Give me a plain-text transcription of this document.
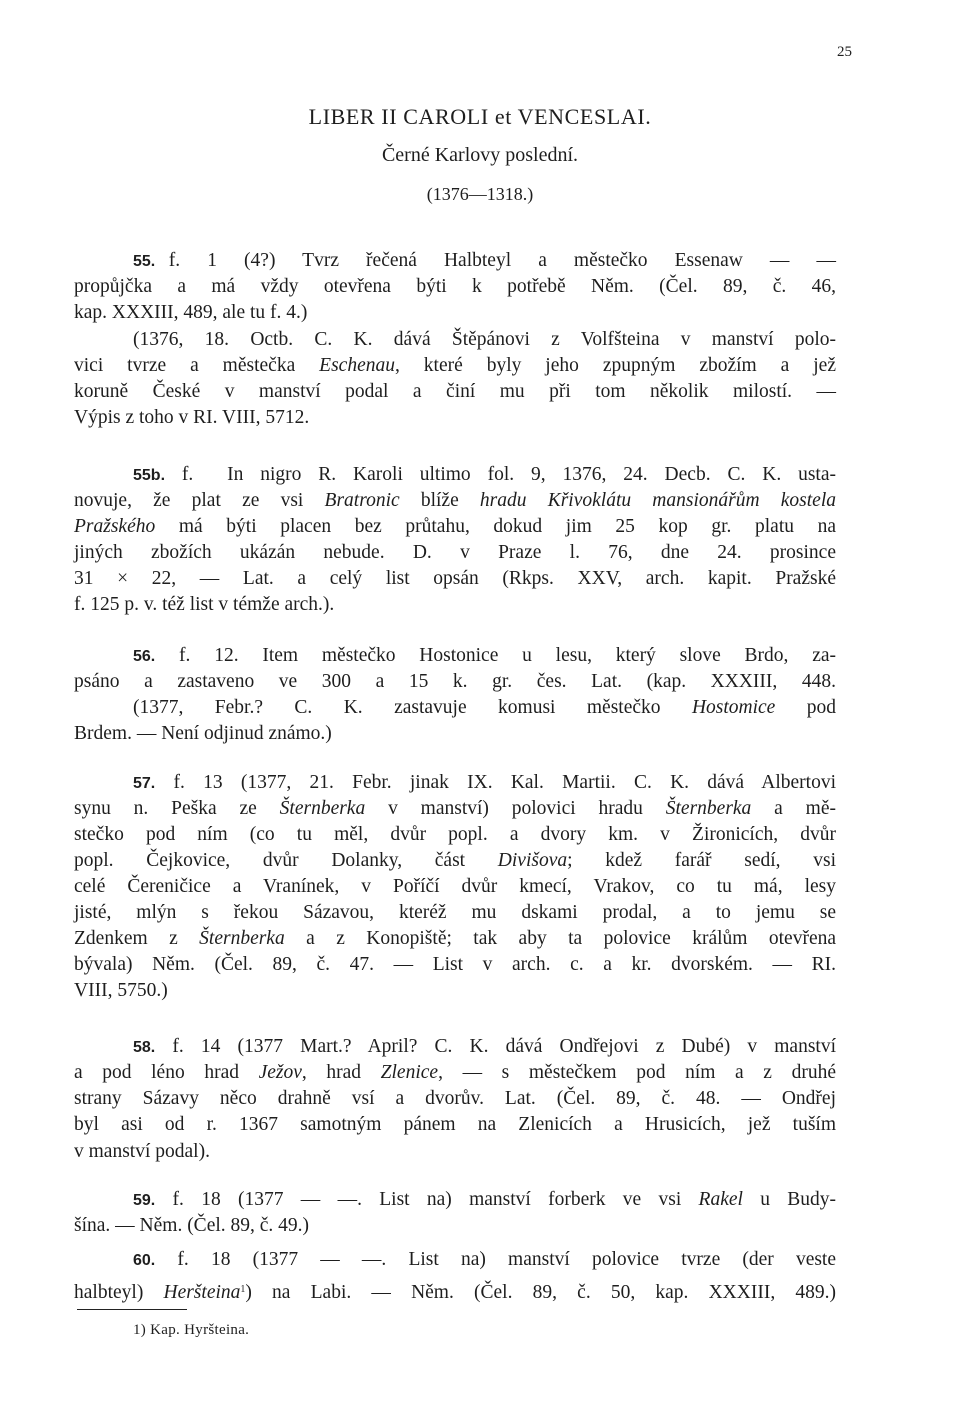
25
LIBER II CAROLI et VENCESLAI.
Černé Karlovy poslední.
(1376—1318.)
55. f.  1  (4?)  Tvrz  řečená  Halbteyl  a  městečko  Essenaw  —  —
propůjčka a má vždy otevřena býti k potřebě Něm. (Čel. 89, č. 46,
kap. XXXIII, 489, ale tu f. 4.)
(1376, 18. Octb. C. K. dává Štěpánovi z Volfšteina v manství polo-
vici tvrze a městečka Eschenau, které byly jeho zpupným zbožím a jež
koruně České v manství podal a činí mu při tom několik milostí. —
Výpis z toho v RI. VIII, 5712.
55b. f.  In nigro R. Karoli ultimo fol. 9, 1376, 24. Decb. C. K. usta-
novuje, že plat ze vsi Bratronic blíže hradu Křivoklátu mansionářům kostela
Pražského má býti placen bez průtahu, dokud jim 25 kop gr. platu na
jiných zbožích ukázán nebude. D. v Praze l. 76, dne 24. prosince
31 × 22, — Lat. a celý list opsán (Rkps. XXV, arch. kapit. Pražské
f. 125 p. v. též list v témže arch.).
56. f. 12. Item městečko Hostonice u lesu, který slove Brdo, za-
psáno a zastaveno ve 300 a 15 k. gr. čes. Lat. (kap. XXXIII, 448.
(1377, Febr.? C. K. zastavuje komusi městečko Hostomice pod
Brdem. — Není odjinud známo.)
57. f. 13 (1377, 21. Febr. jinak IX. Kal. Martii. C. K. dává Albertovi
synu n. Peška ze Šternberka v manství) polovici hradu Šternberka a mě-
stečko pod ním (co tu měl, dvůr popl. a dvory km. v Žironicích, dvůr
popl. Čejkovice, dvůr Dolanky, část Divišova; kdež farář sedí, vsi
celé Čereničice a Vranínek, v Poříčí dvůr kmecí, Vrakov, co tu má, lesy
jisté, mlýn s řekou Sázavou, kteréž mu dskami prodal, a to jemu se
Zdenkem z Šternberka a z Konopiště; tak aby ta polovice králům otevřena
bývala) Něm. (Čel. 89, č. 47. — List v arch. c. a kr. dvorském. — RI.
VIII, 5750.)
58. f. 14 (1377 Mart.? April? C. K. dává Ondřejovi z Dubé) v manství
a pod léno hrad Ježov, hrad Zlenice, — s městečkem pod ním a z druhé
strany Sázavy něco drahně vsí a dvorův. Lat. (Čel. 89, č. 48. — Ondřej
byl asi od r. 1367 samotným pánem na Zlenicích a Hrusicích, jež tuším
v manství podal).
59. f. 18 (1377 — —. List na) manství forberk ve vsi Rakel u Budy-
šína. — Něm. (Čel. 89, č. 49.)
60. f. 18 (1377 — —. List na) manství polovice tvrze (der veste
halbteyl) Heršteina$^1$) na Labi. — Něm. (Čel. 89, č. 50, kap. XXXIII, 489.)
1) Kap. Hyršteina.
